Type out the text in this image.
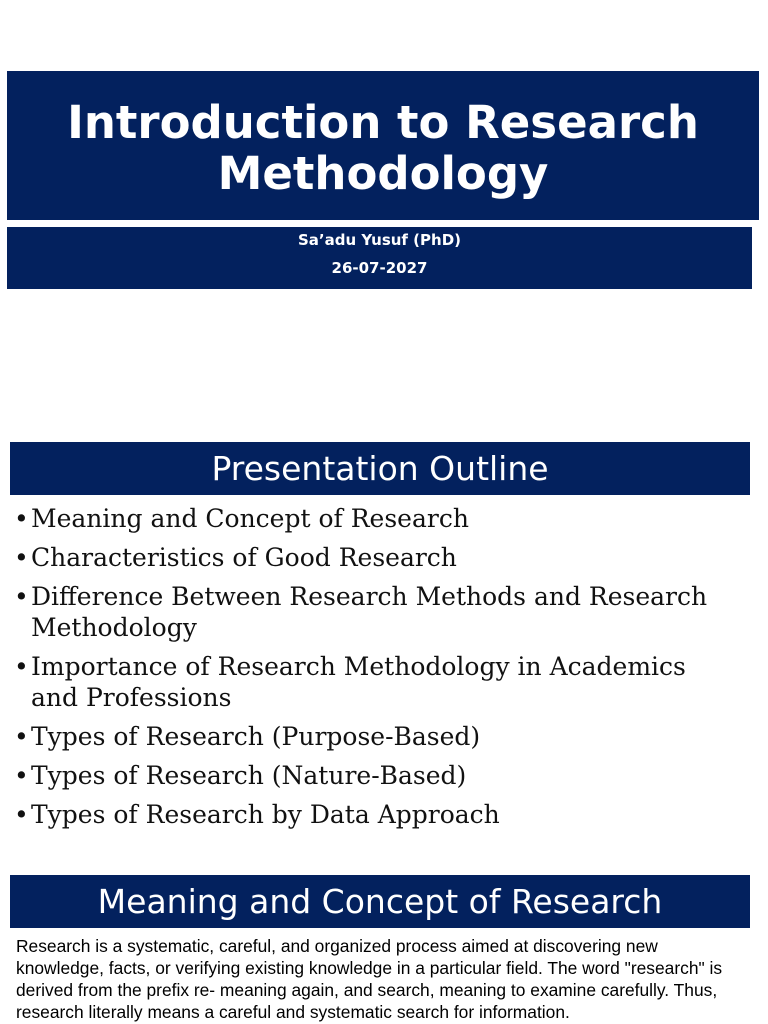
Introduction to Research Methodology
Sa’adu Yusuf (PhD)
26-07-2027
Presentation Outline
• Meaning and Concept of Research
• Characteristics of Good Research
• Difference Between Research Methods and Research Methodology
• Importance of Research Methodology in Academics and Professions
• Types of Research (Purpose-Based)
• Types of Research (Nature-Based)
• Types of Research by Data Approach
Meaning and Concept of Research

Research is a systematic, careful, and organized process aimed at discovering new knowledge, facts, or verifying existing knowledge in a particular field. The word "research" is derived from the prefix re- meaning again, and search, meaning to examine carefully. Thus, research literally means a careful and systematic search for information.
